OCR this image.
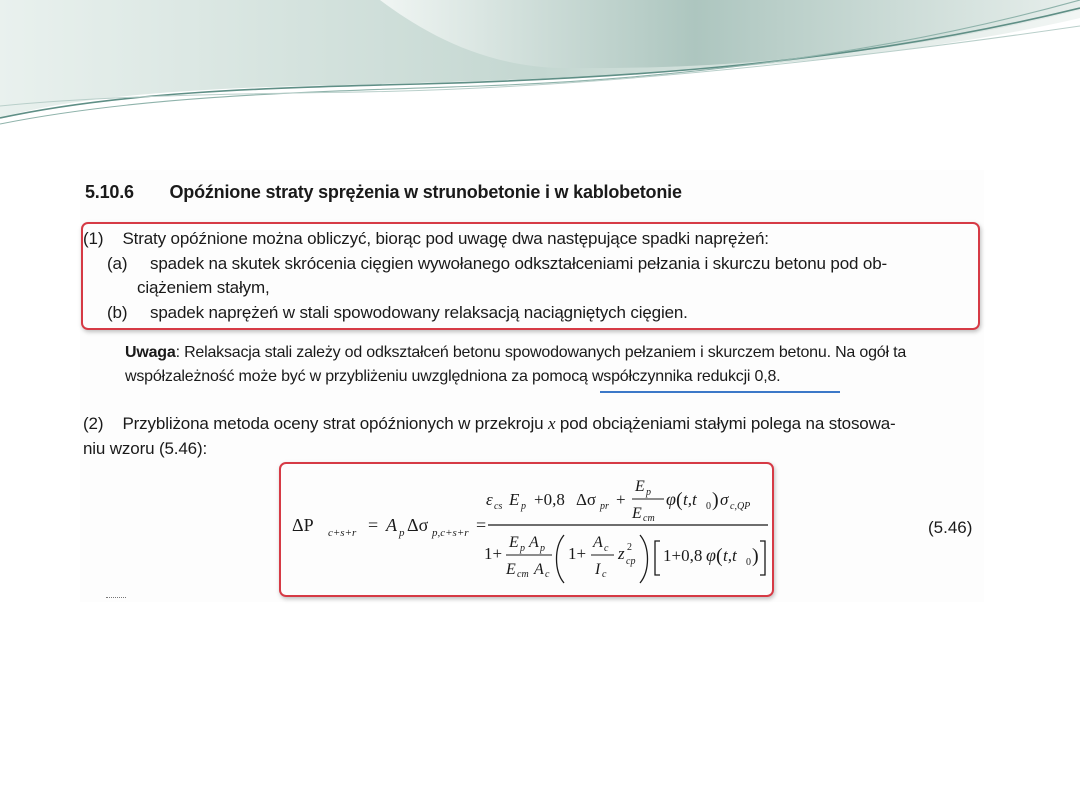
5.10.6 Opóźnione straty sprężenia w strunobetonie i w kablobetonie
(1) Straty opóźnione można obliczyć, biorąc pod uwagę dwa następujące spadki naprężeń:
(a) spadek na skutek skrócenia cięgien wywołanego odkształceniami pełzania i skurczu betonu pod ob-
ciążeniem stałym,
(b) spadek naprężeń w stali spowodowany relaksacją naciągniętych cięgien.
Uwaga: Relaksacja stali zależy od odkształceń betonu spowodowanych pełzaniem i skurczem betonu. Na ogół ta
współzależność może być w przybliżeniu uwzględniona za pomocą współczynnika redukcji 0,8.
(2) Przybliżona metoda oceny strat opóźnionych w przekroju x pod obciążeniami stałymi polega na stosowa-
niu wzoru (5.46):
(5.46)
ΔP c+s+r = A p Δσ p,c+s+r =
ε cs E p +0,8 Δσ pr +
E p
E cm
φ ( t,t 0 ) σ c,QP
1+
E p A p
E cm A c
1+
A c
I c
z 2
cp 1+0,8 φ ( t,t 0 )
